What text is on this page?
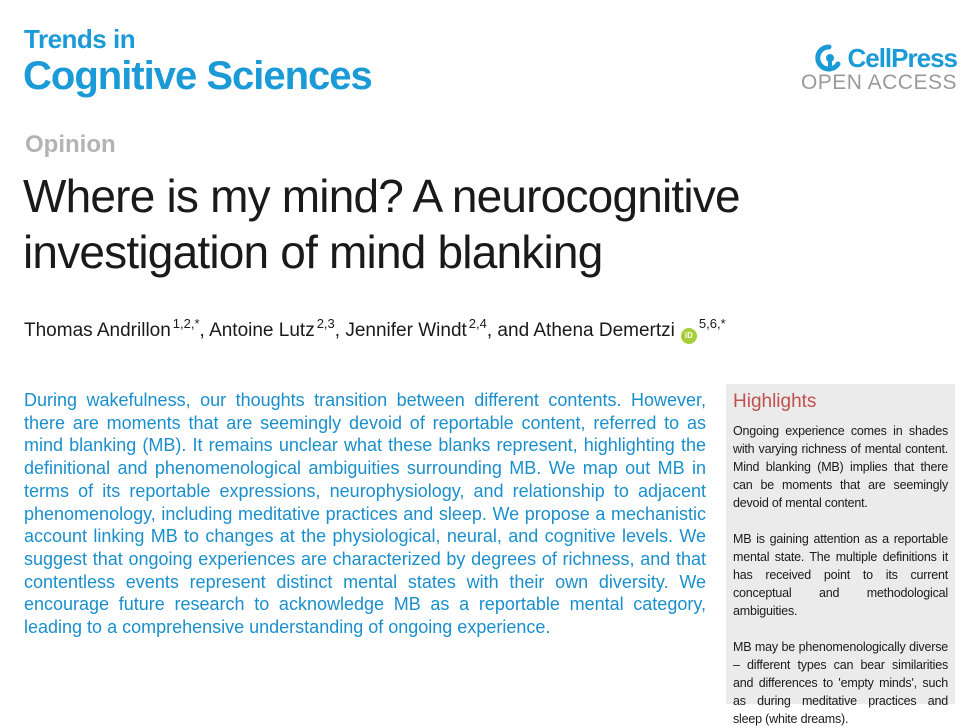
Trends in
Cognitive Sciences	CellPress
OPEN ACCESS
Opinion
Where is my mind? A neurocognitive investigation of mind blanking
Thomas Andrillon $^{1,2,*}$, Antoine Lutz $^{2,3}$, Jennifer Windt $^{2,4}$, and Athena Demertzi $iD^{5,6,*}$

During wakefulness, our thoughts transition between different contents. However, there are moments that are seemingly devoid of reportable content, referred to as mind blanking (MB). It remains unclear what these blanks represent, highlighting the definitional and phenomenological ambiguities surrounding MB. We map out MB in terms of its reportable expressions, neurophysiology, and relationship to adjacent phenomenology, including meditative practices and sleep. We propose a mechanistic account linking MB to changes at the physiological, neural, and cognitive levels. We suggest that ongoing experiences are characterized by degrees of richness, and that contentless events represent distinct mental states with their own diversity. We encourage future research to acknowledge MB as a reportable mental category, leading to a comprehensive understanding of ongoing experience.

Highlights

Ongoing experience comes in shades with varying richness of mental content. Mind blanking (MB) implies that there can be moments that are seemingly devoid of mental content.

MB is gaining attention as a reportable mental state. The multiple definitions it has received point to its current conceptual and methodological ambiguities.

MB may be phenomenologically diverse – different types can bear similarities and differences to 'empty minds', such as during meditative practices and sleep (white dreams).
